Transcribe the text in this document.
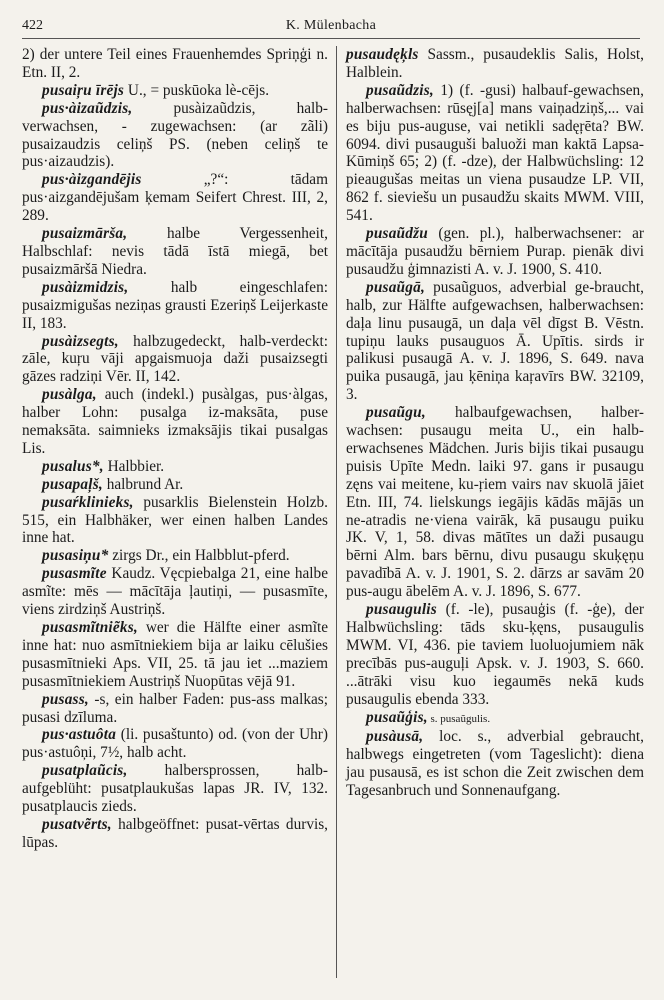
422	K. Mülenbacha

2) der untere Teil eines Frauenhemdes Spriņģi n. Etn. II, 2.

pusaiŗu īrējs U., = puskūoka lè-cējs.

pus·àizaũdzis, pusàizaũdzis, halb-verwachsen, - zugewachsen: (ar zãli) pusaizaudzis celiņš PS. (neben celiņš te pus·aizaudzis).

pus·àizgandējis „?“: tādam pus·aizgandējušam ķemam Seifert Chrest. III, 2, 289.

pusaizmārša, halbe Vergessenheit, Halbschlaf: nevis tādā īstā miegā, bet pusaizmāršā Niedra.

pusàizmidzis, halb eingeschlafen: pusaizmigušas neziņas grausti Ezeriņš Leijerkaste II, 183.

pusàizsegts, halbzugedeckt, halb-verdeckt: zāle, kuŗu vāji apgaismuoja daži pusaizsegti gāzes radziņi Vēr. II, 142.

pusàlga, auch (indekl.) pusàlgas, pus·àlgas, halber Lohn: pusalga iz-maksāta, puse nemaksāta. saimnieks izmaksājis tikai pusalgas Lis.

pusalus*, Halbbier.

pusapaļš, halbrund Ar.

pusaŕklinieks, pusarklis Bielenstein Holzb. 515, ein Halbhäker, wer einen halben Landes inne hat.

pusasiņu* zirgs Dr., ein Halbblut-pferd.

pusasmĩte Kaudz. Vęcpiebalga 21, eine halbe asmĩte: mēs — mācītāja ļautiņi, — pusasmīte, viens zirdziņš Austriņš.

pusasmĩtniẽks, wer die Hälfte einer asmĩte inne hat: nuo asmītniekiem bija ar laiku cēlušies pusasmītnieki Aps. VII, 25. tā jau iet ...maziem pusasmītniekiem Austriņš Nuopūtas vējā 91.

pusass, -s, ein halber Faden: pus-ass malkas; pusasi dzīluma.

pus·astuôta (li. pusaštunto) od. (von der Uhr) pus·astuôņi, 7½, halb acht.

pusatplaũcis, halbersprossen, halb-aufgeblüht: pusatplaukušas lapas JR. IV, 132. pusatplaucis zieds.

pusatvẽrts, halbgeöffnet: pusat-vērtas durvis, lūpas.

pusaudęķls Sassm., pusaudeklis Salis, Holst, Halblein.

pusaũdzis, 1) (f. -gusi) halbauf-gewachsen, halberwachsen: rūsęj[a] mans vaiņadziņš,... vai es biju pus-auguse, vai netikli sadęŗēta? BW. 6094. divi pusauguši baluoži man kaktā Lapsa-Kūmiņš 65; 2) (f. -dze), der Halbwüchsling: 12 pieaugušas meitas un viena pusaudze LP. VII, 862 f. sieviešu un pusaudžu skaits MWM. VIII, 541.

pusaũdžu (gen. pl.), halberwachsener: ar mācītāja pusaudžu bērniem Purap. pienāk divi pusaudžu ģimnazisti A. v. J. 1900, S. 410.

pusaũgā, pusaũguos, adverbial ge-braucht, halb, zur Hälfte aufgewachsen, halberwachsen: daļa linu pusaugā, un daļa vēl dīgst B. Vēstn. tupiņu lauks pusauguos Ā. Upītis. sirds ir palikusi pusaugā A. v. J. 1896, S. 649. nava puika pusaugā, jau ķēniņa kaŗavīrs BW. 32109, 3.

pusaũgu, halbaufgewachsen, halber-wachsen: pusaugu meita U., ein halb-erwachsenes Mädchen. Juris bijis tikai pusaugu puisis Upīte Medn. laiki 97. gans ir pusaugu zęns vai meitene, ku-ŗiem vairs nav skuolā jāiet Etn. III, 74. lielskungs iegājis kādās mājās un ne-atradis ne·viena vairāk, kā pusaugu puiku JK. V, 1, 58. divas mātītes un daži pusaugu bērni Alm. bars bērnu, divu pusaugu skuķęņu pavadībā A. v. J. 1901, S. 2. dārzs ar savām 20 pus-augu ābelēm A. v. J. 1896, S. 677.

pusaugulis (f. -le), pusauģis (f. -ģe), der Halbwüchsling: tāds sku-ķęns, pusaugulis MWM. VI, 436. pie taviem luoluojumiem nāk precībās pus-auguļi Apsk. v. J. 1903, S. 660. ...ātrāki visu kuo iegaumēs nekā kuds pusaugulis ebenda 333.

pusaũģis, s. pusaũgulis.

pusàusā, loc. s., adverbial gebraucht, halbwegs eingetreten (vom Tageslicht): diena jau pusausā, es ist schon die Zeit zwischen dem Tagesanbruch und Sonnenaufgang.
